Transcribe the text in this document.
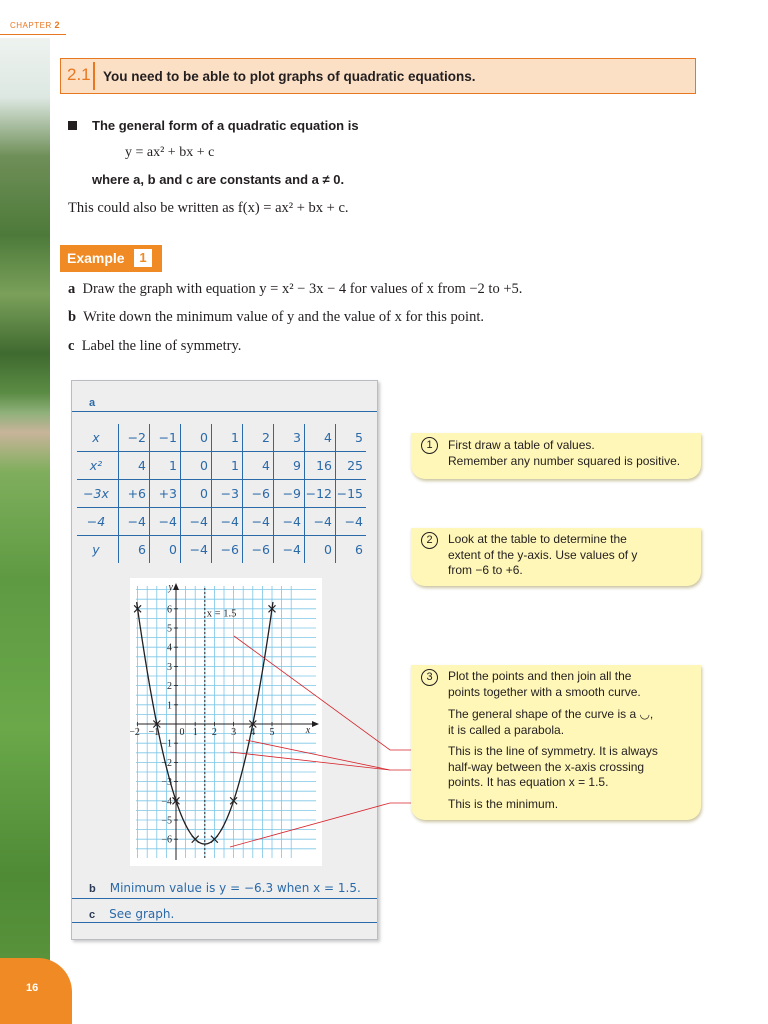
CHAPTER 2
2.1 You need to be able to plot graphs of quadratic equations.
The general form of a quadratic equation is
y = ax² + bx + c
where a, b and c are constants and a ≠ 0.
This could also be written as f(x) = ax² + bx + c.
Example	1
a Draw the graph with equation y = x² − 3x − 4 for values of x from −2 to +5.
b Write down the minimum value of y and the value of x for this point.
c Label the line of symmetry.
a
x	−2	−1	0	1	2	3	4	5
x²	4	1	0	1	4	9	16	25
−3x	+6	+3	0	−3	−6	−9	−12	−15
−4	−4	−4	−4	−4	−4	−4	−4	−4
y	6	0	−4	−6	−6	−4	0	6
−2 −1	1 2 3 4 5
6
5
4
3
2
1
−1
−2
−3
−4
−5
−6
0
y
x
x = 1.5
b Minimum value is y = −6.3 when x = 1.5.
c See graph.
1	First draw a table of values.
Remember any number squared is positive.

2	Look at the table to determine the
extent of the y-axis. Use values of y
from −6 to +6.

3	Plot the points and then join all the
points together with a smooth curve.

The general shape of the curve is a ◡,
it is called a parabola.

This is the line of symmetry. It is always
half-way between the x-axis crossing
points. It has equation x = 1.5.

This is the minimum.

16
